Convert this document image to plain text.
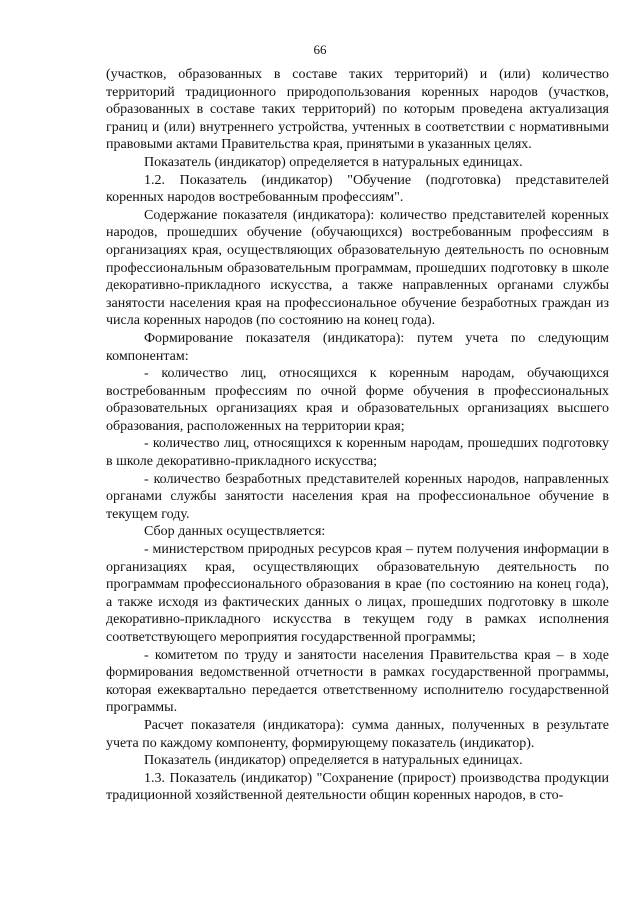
66

(участков, образованных в составе таких территорий) и (или) количество территорий традиционного природопользования коренных народов (участков, образованных в составе таких территорий) по которым проведена актуализация границ и (или) внутреннего устройства, учтенных в соответствии с нормативными правовыми актами Правительства края, принятыми в указанных целях.

Показатель (индикатор) определяется в натуральных единицах.

1.2. Показатель (индикатор) "Обучение (подготовка) представителей коренных народов востребованным профессиям".

Содержание показателя (индикатора): количество представителей коренных народов, прошедших обучение (обучающихся) востребованным профессиям в организациях края, осуществляющих образовательную деятельность по основным профессиональным образовательным программам, прошедших подготовку в школе декоративно-прикладного искусства, а также направленных органами службы занятости населения края на профессиональное обучение безработных граждан из числа коренных народов (по состоянию на конец года).

Формирование показателя (индикатора): путем учета по следующим компонентам:

- количество лиц, относящихся к коренным народам, обучающихся востребованным профессиям по очной форме обучения в профессиональных образовательных организациях края и образовательных организациях высшего образования, расположенных на территории края;

- количество лиц, относящихся к коренным народам, прошедших подготовку в школе декоративно-прикладного искусства;

- количество безработных представителей коренных народов, направленных органами службы занятости населения края на профессиональное обучение в текущем году.

Сбор данных осуществляется:

- министерством природных ресурсов края – путем получения информации в организациях края, осуществляющих образовательную деятельность по программам профессионального образования в крае (по состоянию на конец года), а также исходя из фактических данных о лицах, прошедших подготовку в школе декоративно-прикладного искусства в текущем году в рамках исполнения соответствующего мероприятия государственной программы;

- комитетом по труду и занятости населения Правительства края – в ходе формирования ведомственной отчетности в рамках государственной программы, которая ежеквартально передается ответственному исполнителю государственной программы.

Расчет показателя (индикатора): сумма данных, полученных в результате учета по каждому компоненту, формирующему показатель (индикатор).

Показатель (индикатор) определяется в натуральных единицах.

1.3. Показатель (индикатор) "Сохранение (прирост) производства продукции традиционной хозяйственной деятельности общин коренных народов, в сто-
